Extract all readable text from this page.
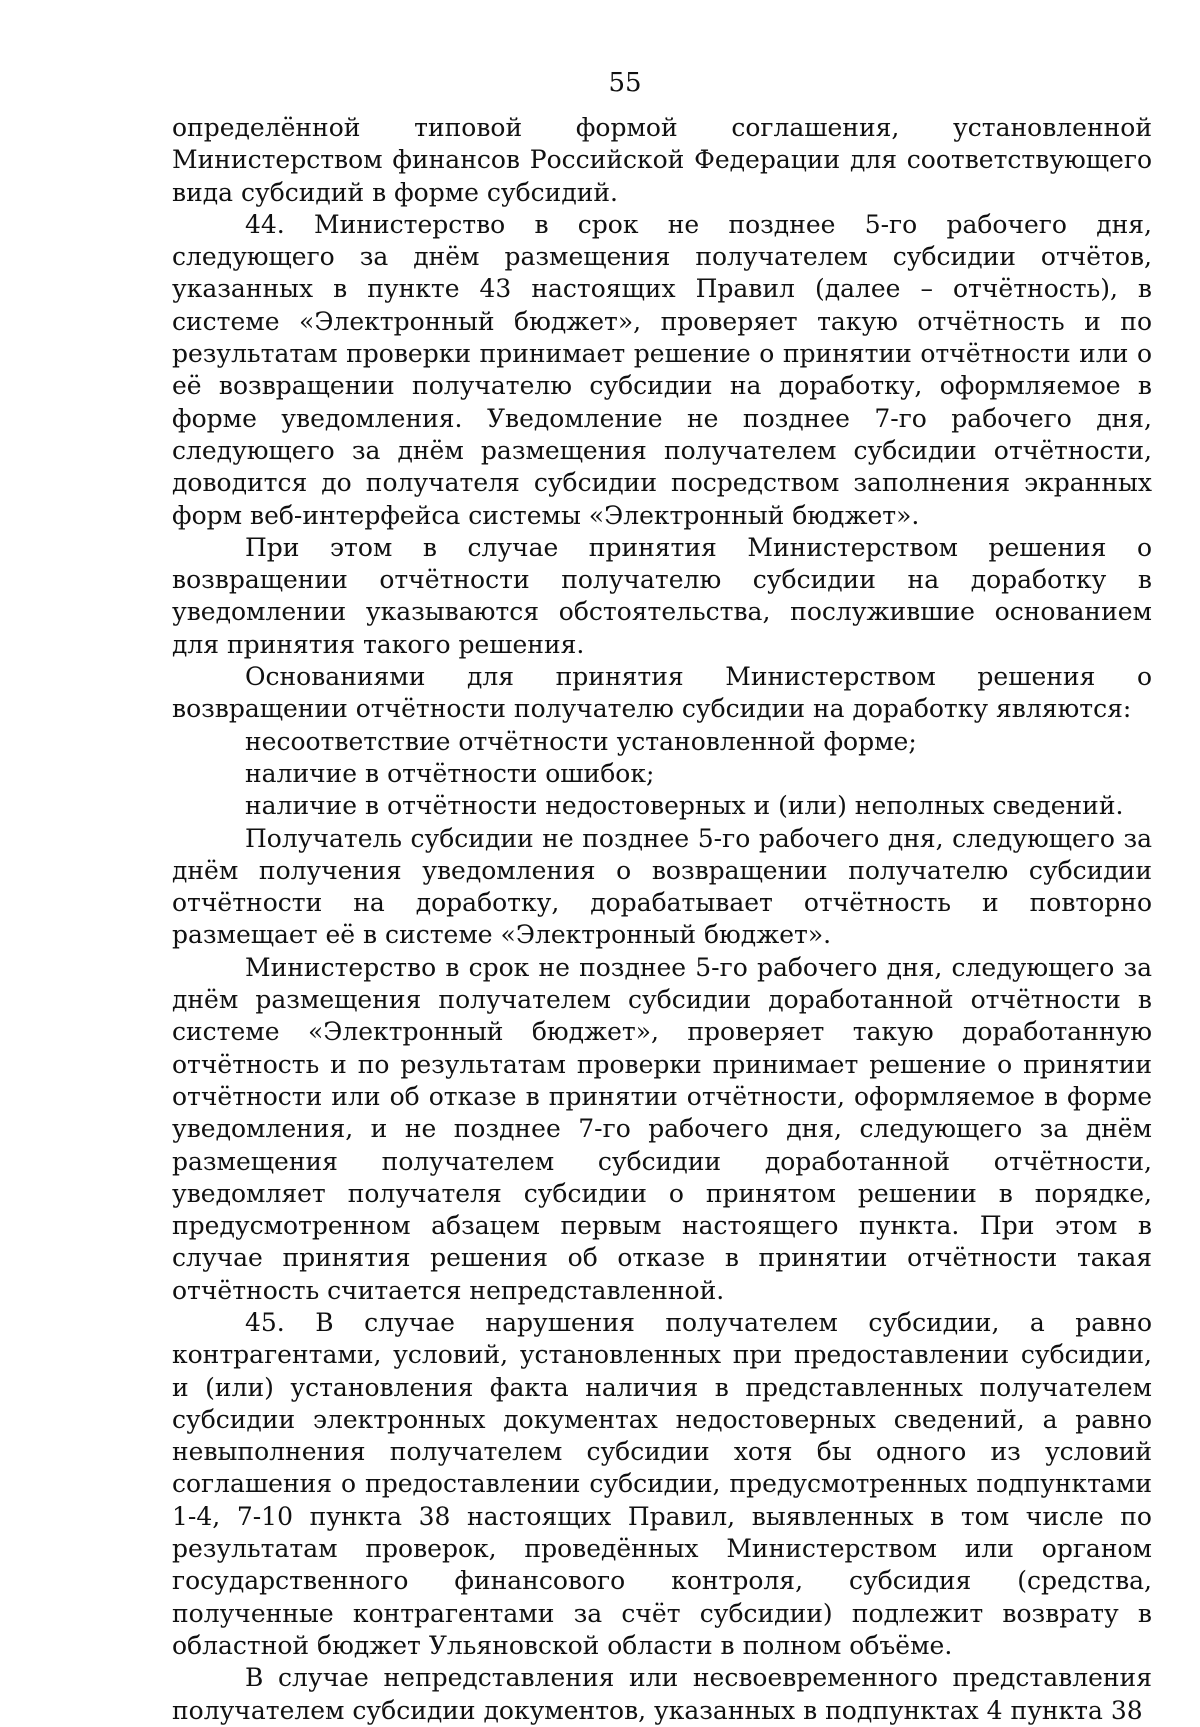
55

определённой типовой формой соглашения, установленной Министерством финансов Российской Федерации для соответствующего вида субсидий в форме субсидий.

44. Министерство в срок не позднее 5-го рабочего дня, следующего за днём размещения получателем субсидии отчётов, указанных в пункте 43 настоящих Правил (далее – отчётность), в системе «Электронный бюджет», проверяет такую отчётность и по результатам проверки принимает решение о принятии отчётности или о её возвращении получателю субсидии на доработку, оформляемое в форме уведомления. Уведомление не позднее 7-го рабочего дня, следующего за днём размещения получателем субсидии отчётности, доводится до получателя субсидии посредством заполнения экранных форм веб-интерфейса системы «Электронный бюджет».

При этом в случае принятия Министерством решения о возвращении отчётности получателю субсидии на доработку в уведомлении указываются обстоятельства, послужившие основанием для принятия такого решения.

Основаниями для принятия Министерством решения о возвращении отчётности получателю субсидии на доработку являются:

несоответствие отчётности установленной форме;

наличие в отчётности ошибок;

наличие в отчётности недостоверных и (или) неполных сведений.

Получатель субсидии не позднее 5-го рабочего дня, следующего за днём получения уведомления о возвращении получателю субсидии отчётности на доработку, дорабатывает отчётность и повторно размещает её в системе «Электронный бюджет».

Министерство в срок не позднее 5-го рабочего дня, следующего за днём размещения получателем субсидии доработанной отчётности в системе «Электронный бюджет», проверяет такую доработанную отчётность и по результатам проверки принимает решение о принятии отчётности или об отказе в принятии отчётности, оформляемое в форме уведомления, и не позднее 7-го рабочего дня, следующего за днём размещения получателем субсидии доработанной отчётности, уведомляет получателя субсидии о принятом решении в порядке, предусмотренном абзацем первым настоящего пункта. При этом в случае принятия решения об отказе в принятии отчётности такая отчётность считается непредставленной.

45. В случае нарушения получателем субсидии, а равно контрагентами, условий, установленных при предоставлении субсидии, и (или) установления факта наличия в представленных получателем субсидии электронных документах недостоверных сведений, а равно невыполнения получателем субсидии хотя бы одного из условий соглашения о предоставлении субсидии, предусмотренных подпунктами 1-4, 7-10 пункта 38 настоящих Правил, выявленных в том числе по результатам проверок, проведённых Министерством или органом государственного финансового контроля, субсидия (средства, полученные контрагентами за счёт субсидии) подлежит возврату в областной бюджет Ульяновской области в полном объёме.

В случае непредставления или несвоевременного представления получателем субсидии документов, указанных в подпунктах 4 пункта 38
